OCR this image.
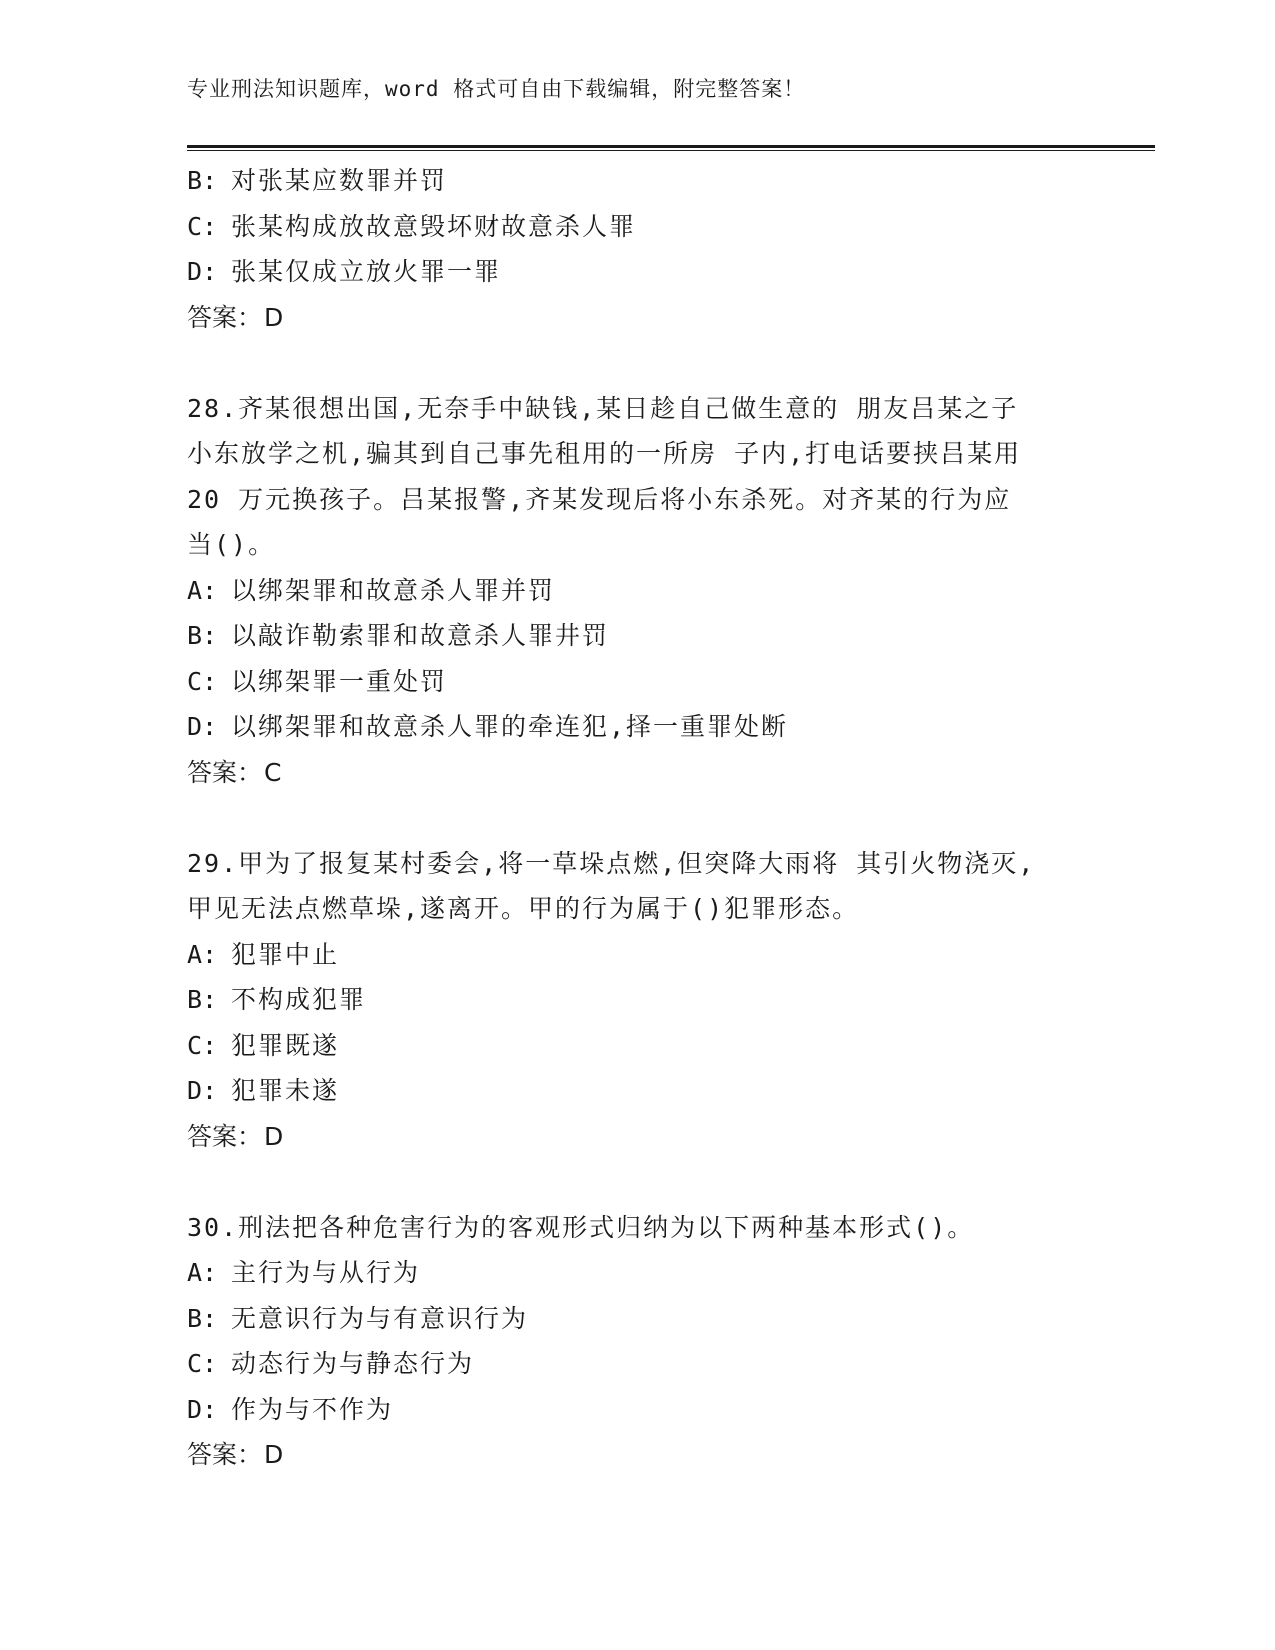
专业刑法知识题库，word 格式可自由下载编辑，附完整答案！
B: 对张某应数罪并罚
C: 张某构成放故意毁坏财故意杀人罪
D: 张某仅成立放火罪一罪
答案：D
28.齐某很想出国,无奈手中缺钱,某日趁自己做生意的 朋友吕某之子
小东放学之机,骗其到自己事先租用的一所房 子内,打电话要挟吕某用
20 万元换孩子。吕某报警,齐某发现后将小东杀死。对齐某的行为应
当()。
A: 以绑架罪和故意杀人罪并罚
B: 以敲诈勒索罪和故意杀人罪井罚
C: 以绑架罪一重处罚
D: 以绑架罪和故意杀人罪的牵连犯,择一重罪处断
答案：C
29.甲为了报复某村委会,将一草垛点燃,但突降大雨将 其引火物浇灭,
甲见无法点燃草垛,遂离开。甲的行为属于()犯罪形态。
A: 犯罪中止
B: 不构成犯罪
C: 犯罪既遂
D: 犯罪未遂
答案：D
30.刑法把各种危害行为的客观形式归纳为以下两种基本形式()。
A: 主行为与从行为
B: 无意识行为与有意识行为
C: 动态行为与静态行为
D: 作为与不作为
答案：D
